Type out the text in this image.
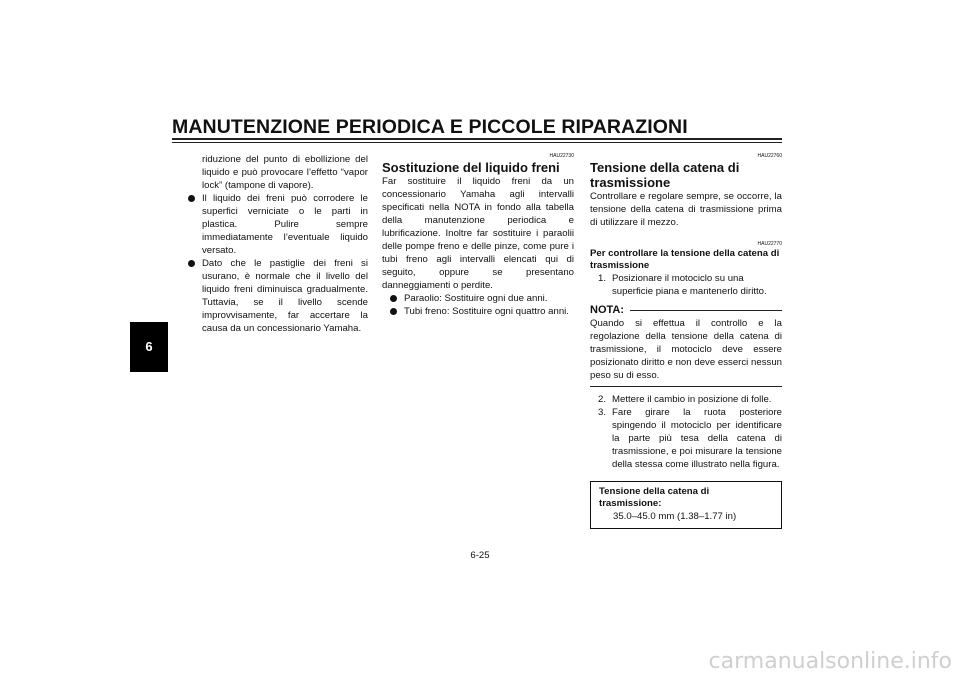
MANUTENZIONE PERIODICA E PICCOLE RIPARAZIONI
6

riduzione del punto di ebollizione del liquido e può provocare l’effetto “vapor lock” (tampone di vapore).

Il liquido dei freni può corrodere le superfici verniciate o le parti in plastica. Pulire sempre immediatamente l’eventuale liquido versato.

Dato che le pastiglie dei freni si usurano, è normale che il livello del liquido freni diminuisca gradualmente. Tuttavia, se il livello scende improvvisamente, far accertare la causa da un concessionario Yamaha.

HAU22730
Sostituzione del liquido freni

Far sostituire il liquido freni da un concessionario Yamaha agli intervalli specificati nella NOTA in fondo alla tabella della manutenzione periodica e lubrificazione. Inoltre far sostituire i paraolii delle pompe freno e delle pinze, come pure i tubi freno agli intervalli elencati qui di seguito, oppure se presentano danneggiamenti o perdite.

Paraolio: Sostituire ogni due anni.

Tubi freno: Sostituire ogni quattro anni.

HAU22760
Tensione della catena di trasmissione

Controllare e regolare sempre, se occorre, la tensione della catena di trasmissione prima di utilizzare il mezzo.

HAU22770
Per controllare la tensione della catena di trasmissione

1. Posizionare il motociclo su una superficie piana e mantenerlo diritto.

NOTA:

Quando si effettua il controllo e la regolazione della tensione della catena di trasmissione, il motociclo deve essere posizionato diritto e non deve esserci nessun peso su di esso.

2. Mettere il cambio in posizione di folle.

3. Fare girare la ruota posteriore spingendo il motociclo per identificare la parte più tesa della catena di trasmissione, e poi misurare la tensione della stessa come illustrato nella figura.

Tensione della catena di trasmissione:
35.0–45.0 mm (1.38–1.77 in)
6-25
carmanualsonline.info
